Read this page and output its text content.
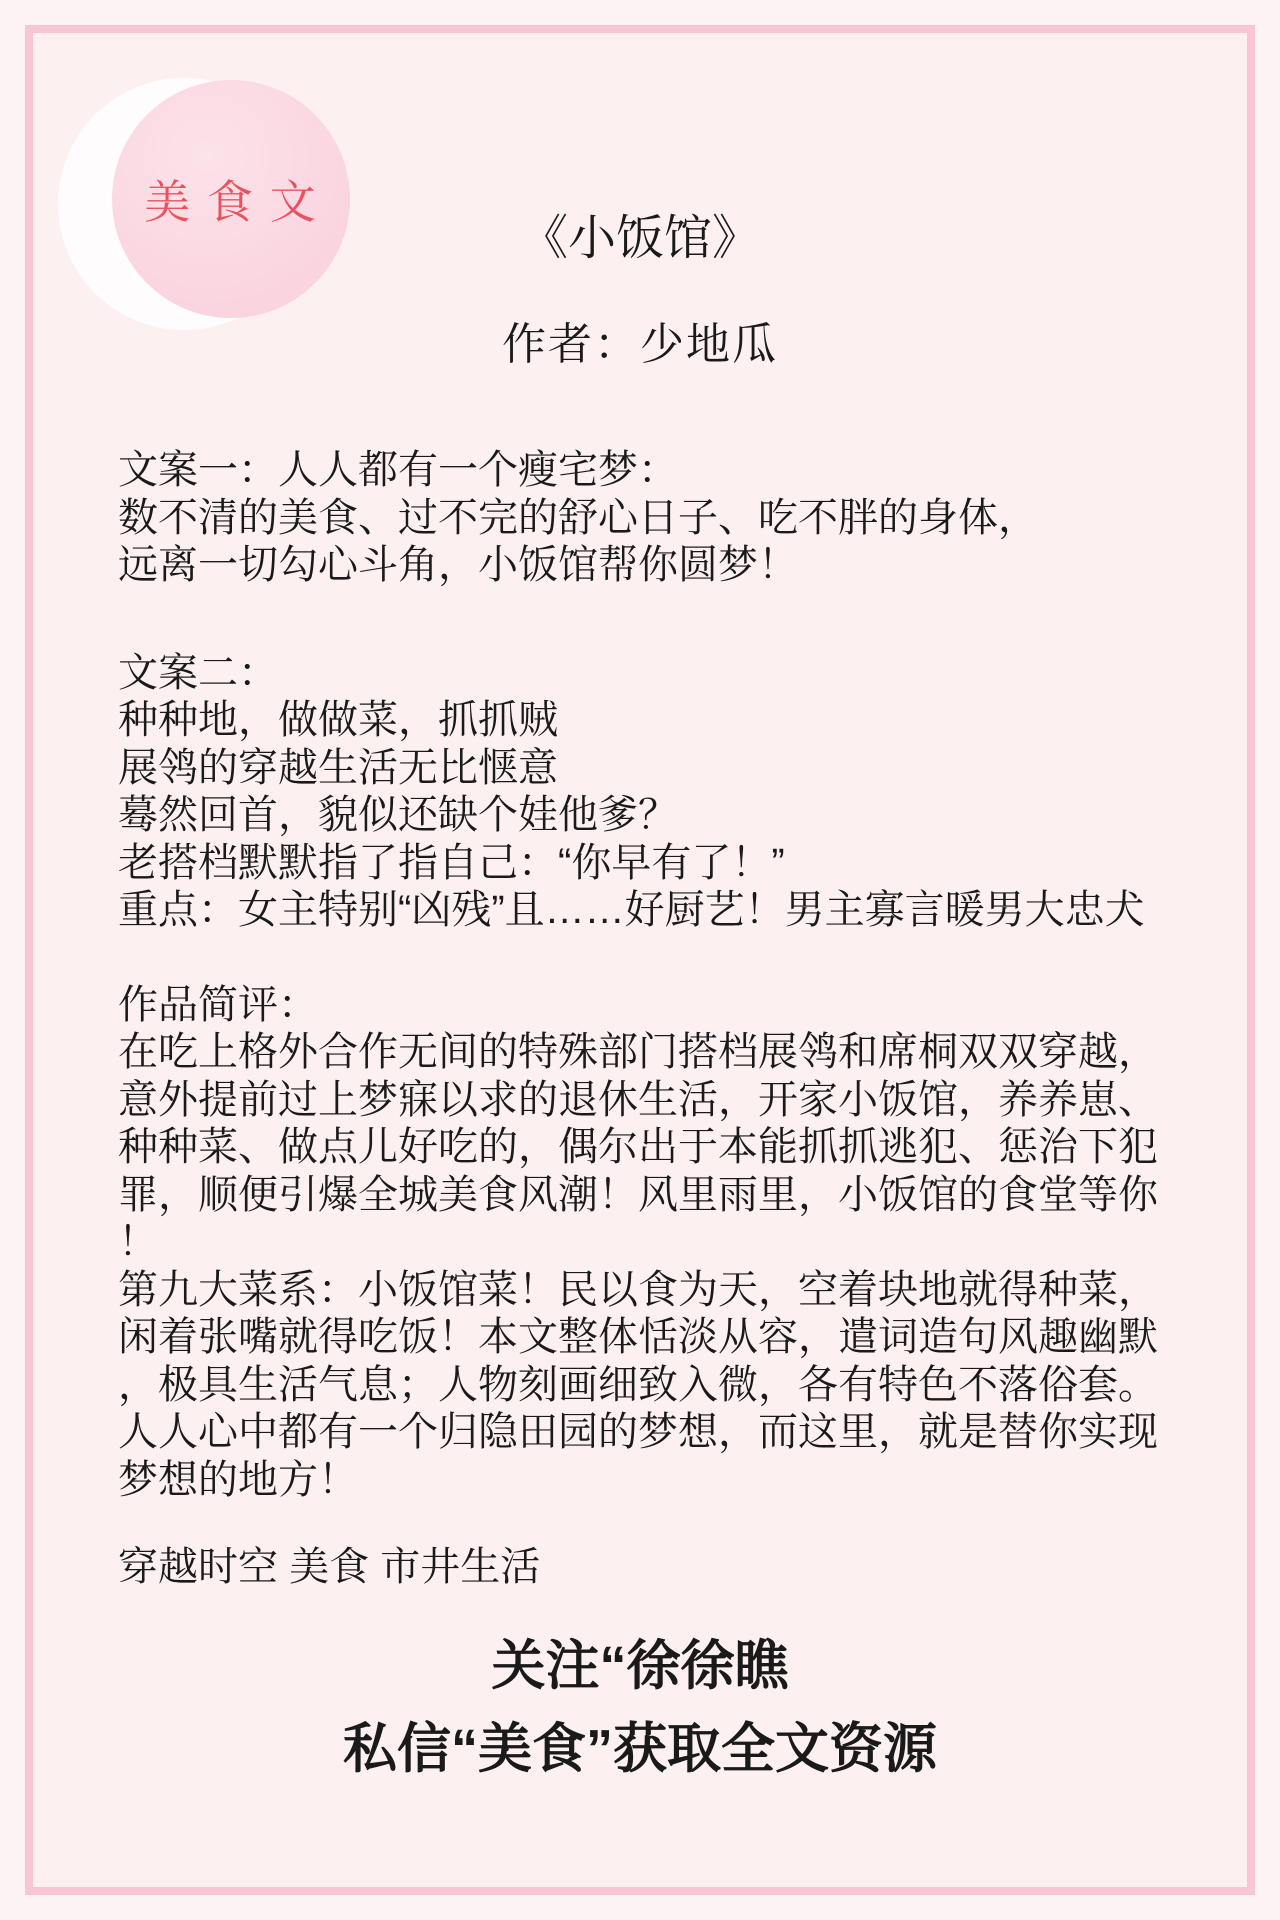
美 食 文
《小饭馆》
作者：少地瓜
文案一：人人都有一个瘦宅梦：
数不清的美食、过不完的舒心日子、吃不胖的身体，
远离一切勾心斗角，小饭馆帮你圆梦！
文案二：
种种地，做做菜，抓抓贼
展鸰的穿越生活无比惬意
蓦然回首，貌似还缺个娃他爹？
老搭档默默指了指自己：“你早有了！”
重点：女主特别“凶残”且……好厨艺！男主寡言暖男大忠犬
作品简评：

在吃上格外合作无间的特殊部门搭档展鸰和席桐双双穿越，意外提前过上梦寐以求的退休生活，开家小饭馆，养养崽、种种菜、做点儿好吃的，偶尔出于本能抓抓逃犯、惩治下犯罪，顺便引爆全城美食风潮！风里雨里，小饭馆的食堂等你！

第九大菜系：小饭馆菜！民以食为天，空着块地就得种菜，闲着张嘴就得吃饭！本文整体恬淡从容，遣词造句风趣幽默，极具生活气息；人物刻画细致入微，各有特色不落俗套。人人心中都有一个归隐田园的梦想，而这里，就是替你实现梦想的地方！

穿越时空 美食 市井生活
关注“徐徐瞧
私信“美食”获取全文资源
